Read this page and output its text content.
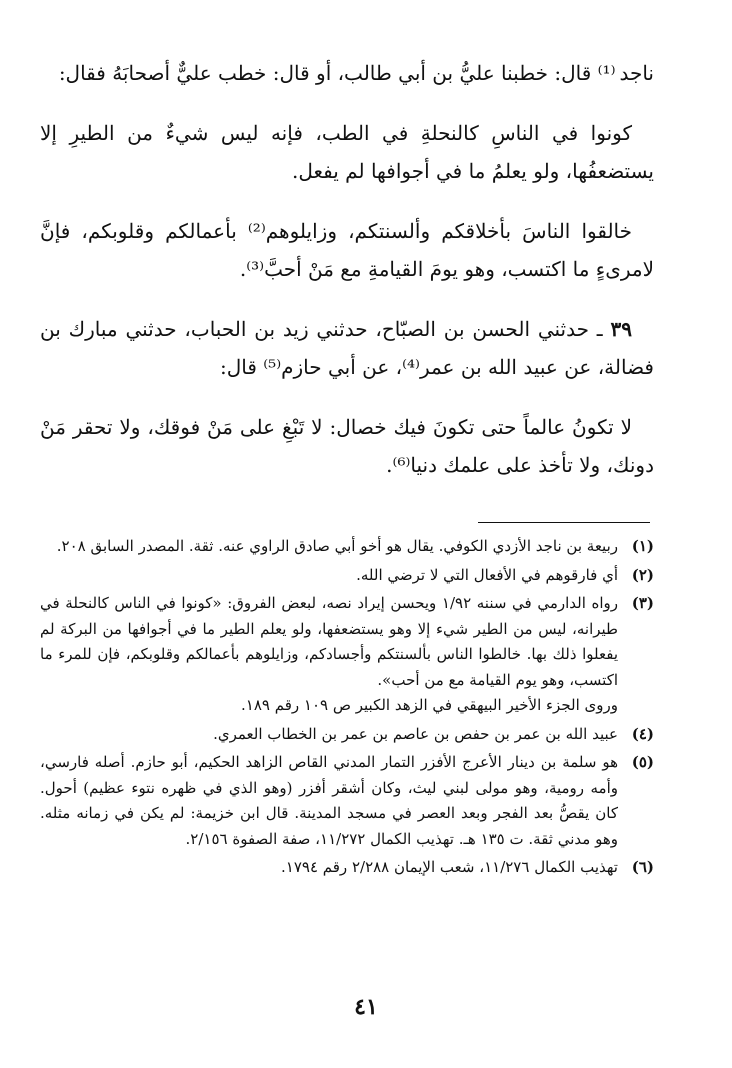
ناجد ⁽¹⁾ قال: خطبنا عليُّ بن أبي طالب، أو قال: خطب عليٌّ أصحابَهُ فقال:

كونوا في الناسِ كالنحلةِ في الطب، فإنه ليس شيءٌ من الطيرِ إلا يستضعفُها، ولو يعلمُ ما في أجوافها لم يفعل.

خالقوا الناسَ بأخلاقكم وألسنتكم، وزايلوهم⁽²⁾ بأعمالكم وقلوبكم، فإنَّ لامرىءٍ ما اكتسب، وهو يومَ القيامةِ مع مَنْ أحبَّ⁽³⁾.

٣٩ ـ حدثني الحسن بن الصبّاح، حدثني زيد بن الحباب، حدثني مبارك بن فضالة، عن عبيد الله بن عمر⁽⁴⁾، عن أبي حازم⁽⁵⁾ قال:

لا تكونُ عالماً حتى تكونَ فيك خصال: لا تَبْغِ على مَنْ فوقك، ولا تحقر مَنْ دونك، ولا تأخذ على علمك دنيا⁽⁶⁾.

(١)
ربيعة بن ناجد الأزدي الكوفي. يقال هو أخو أبي صادق الراوي عنه. ثقة. المصدر السابق ٢٠٨.
(٢)
أي فارقوهم في الأفعال التي لا ترضي الله.
(٣)
رواه الدارمي في سننه ١/٩٢ ويحسن إيراد نصه، لبعض الفروق: «كونوا في الناس كالنحلة في طيرانه، ليس من الطير شيء إلا وهو يستضعفها، ولو يعلم الطير ما في أجوافها من البركة لم يفعلوا ذلك بها. خالطوا الناس بألسنتكم وأجسادكم، وزايلوهم بأعمالكم وقلوبكم، فإن للمرء ما اكتسب، وهو يوم القيامة مع من أحب».
وروى الجزء الأخير البيهقي في الزهد الكبير ص ١٠٩ رقم ١٨٩.
(٤)
عبيد الله بن عمر بن حفص بن عاصم بن عمر بن الخطاب العمري.
(٥)
هو سلمة بن دينار الأعرج الأفزر التمار المدني القاص الزاهد الحكيم، أبو حازم. أصله فارسي، وأمه رومية، وهو مولى لبني ليث، وكان أشقر أفزر (وهو الذي في ظهره نتوء عظيم) أحول. كان يقصُّ بعد الفجر وبعد العصر في مسجد المدينة. قال ابن خزيمة: لم يكن في زمانه مثله. وهو مدني ثقة. ت ١٣٥ هـ. تهذيب الكمال ١١/٢٧٢، صفة الصفوة ٢/١٥٦.
(٦)
تهذيب الكمال ١١/٢٧٦، شعب الإيمان ٢/٢٨٨ رقم ١٧٩٤.
٤١
